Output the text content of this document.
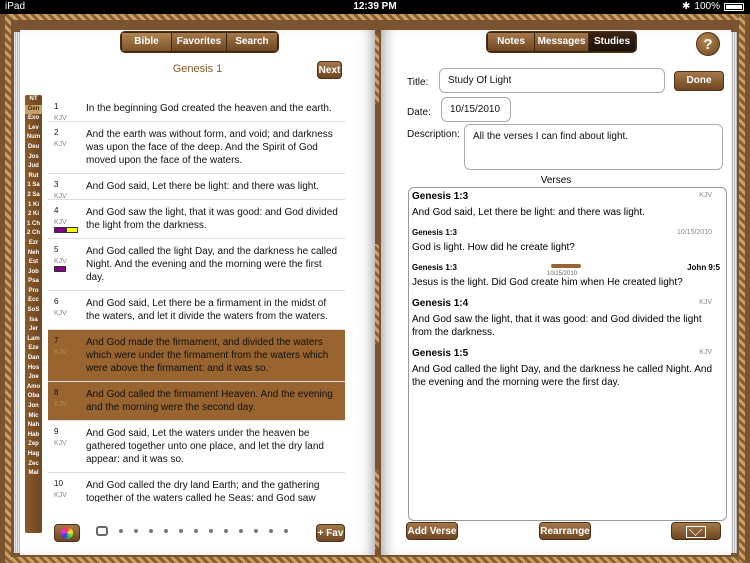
iPad	12:39 PM	✱ 100%
Bible	Favorites	Search
Genesis 1	Next
NT
Gen
Exo
Lev
Num
Deu
Jos
Jud
Rut
1 Sa
2 Sa
1 Ki
2 Ki
1 Ch
2 Ch
Ezr
Neh
Est
Job
Psa
Pro
Ecc
SoS
Isa
Jer
Lam
Eze
Dan
Hos
Joe
Amo
Oba
Jon
Mic
Nah
Hab
Zep
Hag
Zec
Mal
1
KJV
In the beginning God created the heaven and the earth.
2
KJV
And the earth was without form, and void; and darkness was upon the face of the deep. And the Spirit of God moved upon the face of the waters.
3
KJV
And God said, Let there be light: and there was light.
4
KJV
And God saw the light, that it was good: and God divided the light from the darkness.
5
KJV
And God called the light Day, and the darkness he called Night. And the evening and the morning were the first day.
6
KJV
And God said, Let there be a firmament in the midst of the waters, and let it divide the waters from the waters.
7
KJV
And God made the firmament, and divided the waters which were under the firmament from the waters which were above the firmament: and it was so.
8
KJV
And God called the firmament Heaven. And the evening and the morning were the second day.
9
KJV
And God said, Let the waters under the heaven be gathered together unto one place, and let the dry land appear: and it was so.
10
KJV
And God called the dry land Earth; and the gathering together of the waters called he Seas: and God saw
+ Fav
Notes	Messages Studies	?
Title:	Study Of Light	Done
Date:	10/15/2010
Description:	All the verses I can find about light.
Verses
Genesis 1:3	KJV
And God said, Let there be light: and there was light.
Genesis 1:3	10/15/2010
God is light. How did he create light?
Genesis 1:3
10/15/2010
John 9:5
Jesus is the light. Did God create him when He created light?
Genesis 1:4	KJV
And God saw the light, that it was good: and God divided the light from the darkness.
Genesis 1:5	KJV
And God called the light Day, and the darkness he called Night. And the evening and the morning were the first day.
Add Verse	Rearrange
